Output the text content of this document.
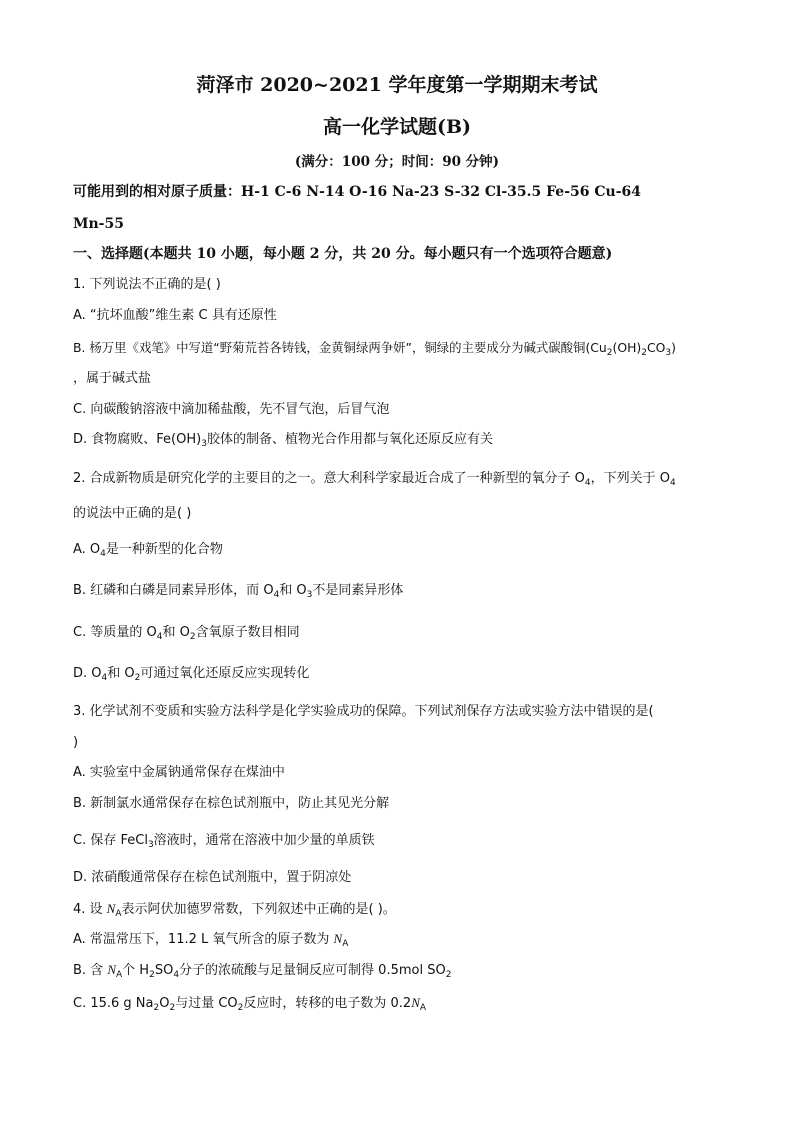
菏泽市 2020~2021 学年度第一学期期末考试
高一化学试题(B)
(满分：100 分；时间：90 分钟)
可能用到的相对原子质量：H-1 C-6 N-14 O-16 Na-23 S-32 Cl-35.5 Fe-56 Cu-64
Mn-55
一、选择题(本题共 10 小题，每小题 2 分，共 20 分。每小题只有一个选项符合题意)
1. 下列说法不正确的是( )
A. “抗坏血酸”维生素 C 具有还原性
B. 杨万里《戏笔》中写道“野菊荒苔各铸钱，金黄铜绿两争妍”，铜绿的主要成分为碱式碳酸铜$(Cu_2(OH)_2CO_3)$
，属于碱式盐
C. 向碳酸钠溶液中滴加稀盐酸，先不冒气泡，后冒气泡
D. 食物腐败、$Fe(OH)_3$胶体的制备、植物光合作用都与氧化还原反应有关
2. 合成新物质是研究化学的主要目的之一。意大利科学家最近合成了一种新型的氧分子 $O_4$，下列关于 $O_4$
的说法中正确的是( )
A. $O_4$是一种新型的化合物
B. 红磷和白磷是同素异形体，而 $O_4$和 $O_3$不是同素异形体
C. 等质量的 $O_4$和 $O_2$含氧原子数目相同
D. $O_4$和 $O_2$可通过氧化还原反应实现转化
3. 化学试剂不变质和实验方法科学是化学实验成功的保障。下列试剂保存方法或实验方法中错误的是(
)
A. 实验室中金属钠通常保存在煤油中
B. 新制氯水通常保存在棕色试剂瓶中，防止其见光分解
C. 保存 FeCl$_3$溶液时，通常在溶液中加少量的单质铁
D. 浓硝酸通常保存在棕色试剂瓶中，置于阴凉处
4. 设 $N_A$表示阿伏加德罗常数，下列叙述中正确的是( )。
A. 常温常压下，11.2 L 氧气所含的原子数为 $N_A$
B. 含 $N_A$个 $H_2SO_4$分子的浓硫酸与足量铜反应可制得 0.5mol $SO_2$
C. 15.6 g $Na_2O_2$与过量 $CO_2$反应时，转移的电子数为 $0.2N_A$
